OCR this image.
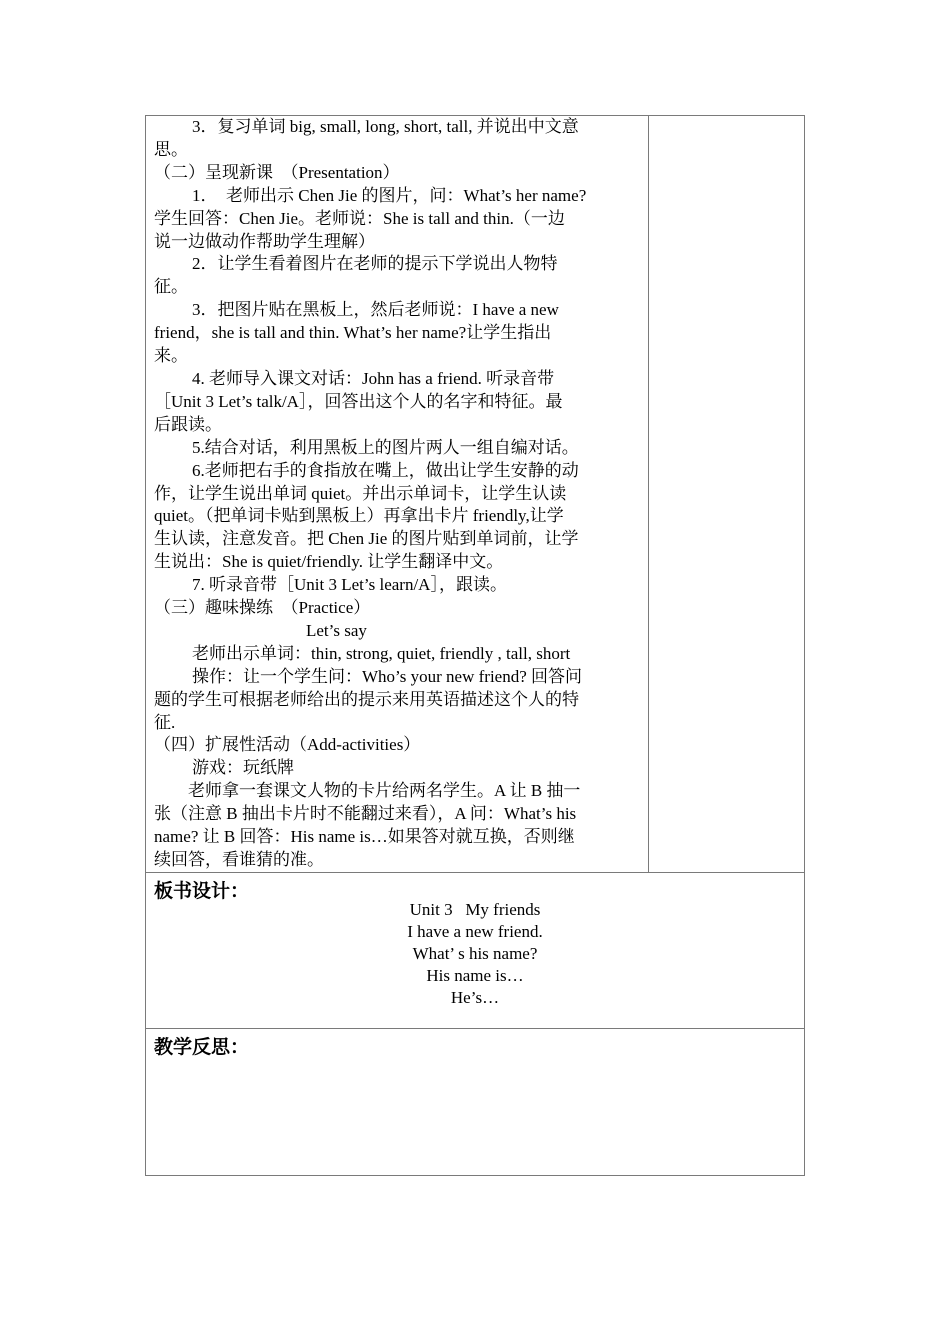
3．复习单词 big, small, long, short, tall, 并说出中文意

思。

（二）呈现新课　（Presentation）

1．　老师出示 Chen Jie 的图片，问：What’s her name?

学生回答：Chen Jie。老师说：She is tall and thin.（一边

说一边做动作帮助学生理解）

2．让学生看着图片在老师的提示下学说出人物特

征。

3．把图片贴在黑板上，然后老师说：I have a new

friend，she is tall and thin. What’s her name?让学生指出

来。

4. 老师导入课文对话：John has a friend. 听录音带

［Unit 3 Let’s talk/A］，回答出这个人的名字和特征。最

后跟读。

5.结合对话，利用黑板上的图片两人一组自编对话。

6.老师把右手的食指放在嘴上，做出让学生安静的动

作，让学生说出单词 quiet。并出示单词卡，让学生认读

quiet。（把单词卡贴到黑板上）再拿出卡片 friendly,让学

生认读，注意发音。把 Chen Jie 的图片贴到单词前，让学

生说出：She is quiet/friendly. 让学生翻译中文。

7. 听录音带［Unit 3 Let’s learn/A］，跟读。

（三）趣味操练　（Practice）

Let’s say

老师出示单词：thin, strong, quiet, friendly , tall, short

操作：让一个学生问：Who’s your new friend? 回答问

题的学生可根据老师给出的提示来用英语描述这个人的特

征.

（四）扩展性活动（Add-activities）

游戏：玩纸牌

老师拿一套课文人物的卡片给两名学生。A 让 B 抽一

张（注意 B 抽出卡片时不能翻过来看），A 问：What’s his

name? 让 B 回答：His name is…如果答对就互换，否则继

续回答，看谁猜的准。

板书设计：
Unit 3   My friends
I have a new friend.
What’ s his name?
His name is…
He’s…
教学反思：
